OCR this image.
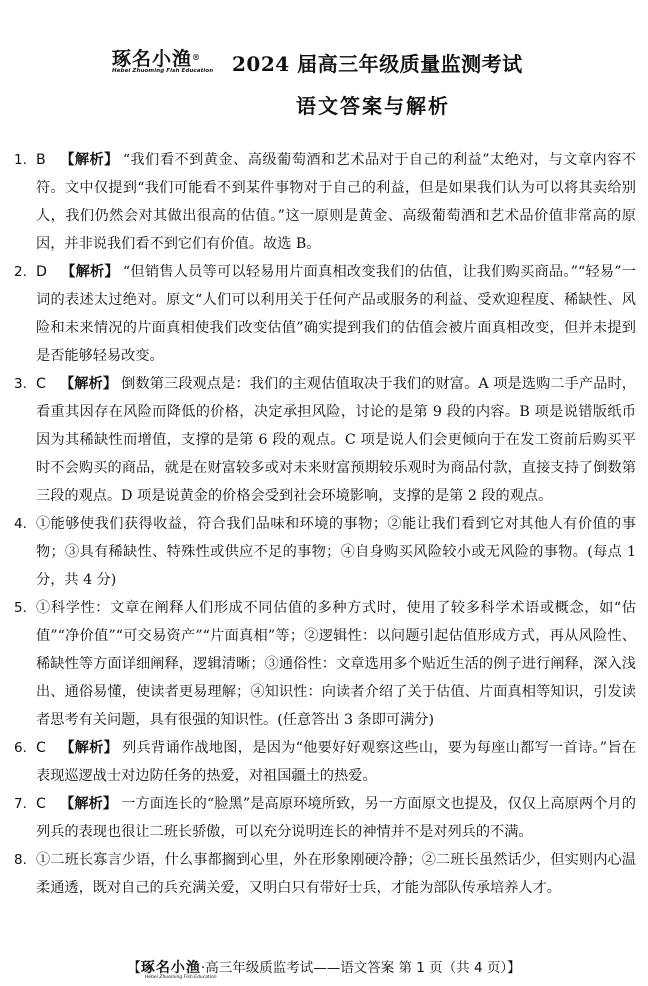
琢名小渔®
Hebei Zhuoming Fish Education 2024 届高三年级质量监测考试
语文答案与解析
1. B 【解析】 “我们看不到黄金、高级葡萄酒和艺术品对于自己的利益”太绝对，与文章内容不符。文中仅提到“我们可能看不到某件事物对于自己的利益，但是如果我们认为可以将其卖给别人，我们仍然会对其做出很高的估值。”这一原则是黄金、高级葡萄酒和艺术品价值非常高的原因，并非说我们看不到它们有价值。故选 B。
2. D 【解析】 “但销售人员等可以轻易用片面真相改变我们的估值，让我们购买商品。”“轻易”一词的表述太过绝对。原文“人们可以利用关于任何产品或服务的利益、受欢迎程度、稀缺性、风险和未来情况的片面真相使我们改变估值”确实提到我们的估值会被片面真相改变，但并未提到是否能够轻易改变。
3. C 【解析】 倒数第三段观点是：我们的主观估值取决于我们的财富。A 项是选购二手产品时，看重其因存在风险而降低的价格，决定承担风险，讨论的是第 9 段的内容。B 项是说错版纸币因为其稀缺性而增值，支撑的是第 6 段的观点。C 项是说人们会更倾向于在发工资前后购买平时不会购买的商品，就是在财富较多或对未来财富预期较乐观时为商品付款，直接支持了倒数第三段的观点。D 项是说黄金的价格会受到社会环境影响，支撑的是第 2 段的观点。
4. ①能够使我们获得收益，符合我们品味和环境的事物；②能让我们看到它对其他人有价值的事物；③具有稀缺性、特殊性或供应不足的事物；④自身购买风险较小或无风险的事物。(每点 1 分，共 4 分)
5. ①科学性：文章在阐释人们形成不同估值的多种方式时，使用了较多科学术语或概念，如“估值”“净价值”“可交易资产”“片面真相”等；②逻辑性：以问题引起估值形成方式，再从风险性、稀缺性等方面详细阐释，逻辑清晰；③通俗性：文章选用多个贴近生活的例子进行阐释，深入浅出、通俗易懂，使读者更易理解；④知识性：向读者介绍了关于估值、片面真相等知识，引发读者思考有关问题，具有很强的知识性。(任意答出 3 条即可满分)
6. C 【解析】 列兵背诵作战地图，是因为“他要好好观察这些山，要为每座山都写一首诗。”旨在表现巡逻战士对边防任务的热爱，对祖国疆土的热爱。
7. C 【解析】 一方面连长的“脸黑”是高原环境所致，另一方面原文也提及，仅仅上高原两个月的列兵的表现也很让二班长骄傲，可以充分说明连长的神情并不是对列兵的不满。
8. ①二班长寡言少语，什么事都搁到心里，外在形象刚硬冷静；②二班长虽然话少，但实则内心温柔通透，既对自己的兵充满关爱，又明白只有带好士兵，才能为部队传承培养人才。
【琢名小渔Hebei Zhuoming Fish Education·高三年级质监考试——语文答案 第 1 页（共 4 页）】
